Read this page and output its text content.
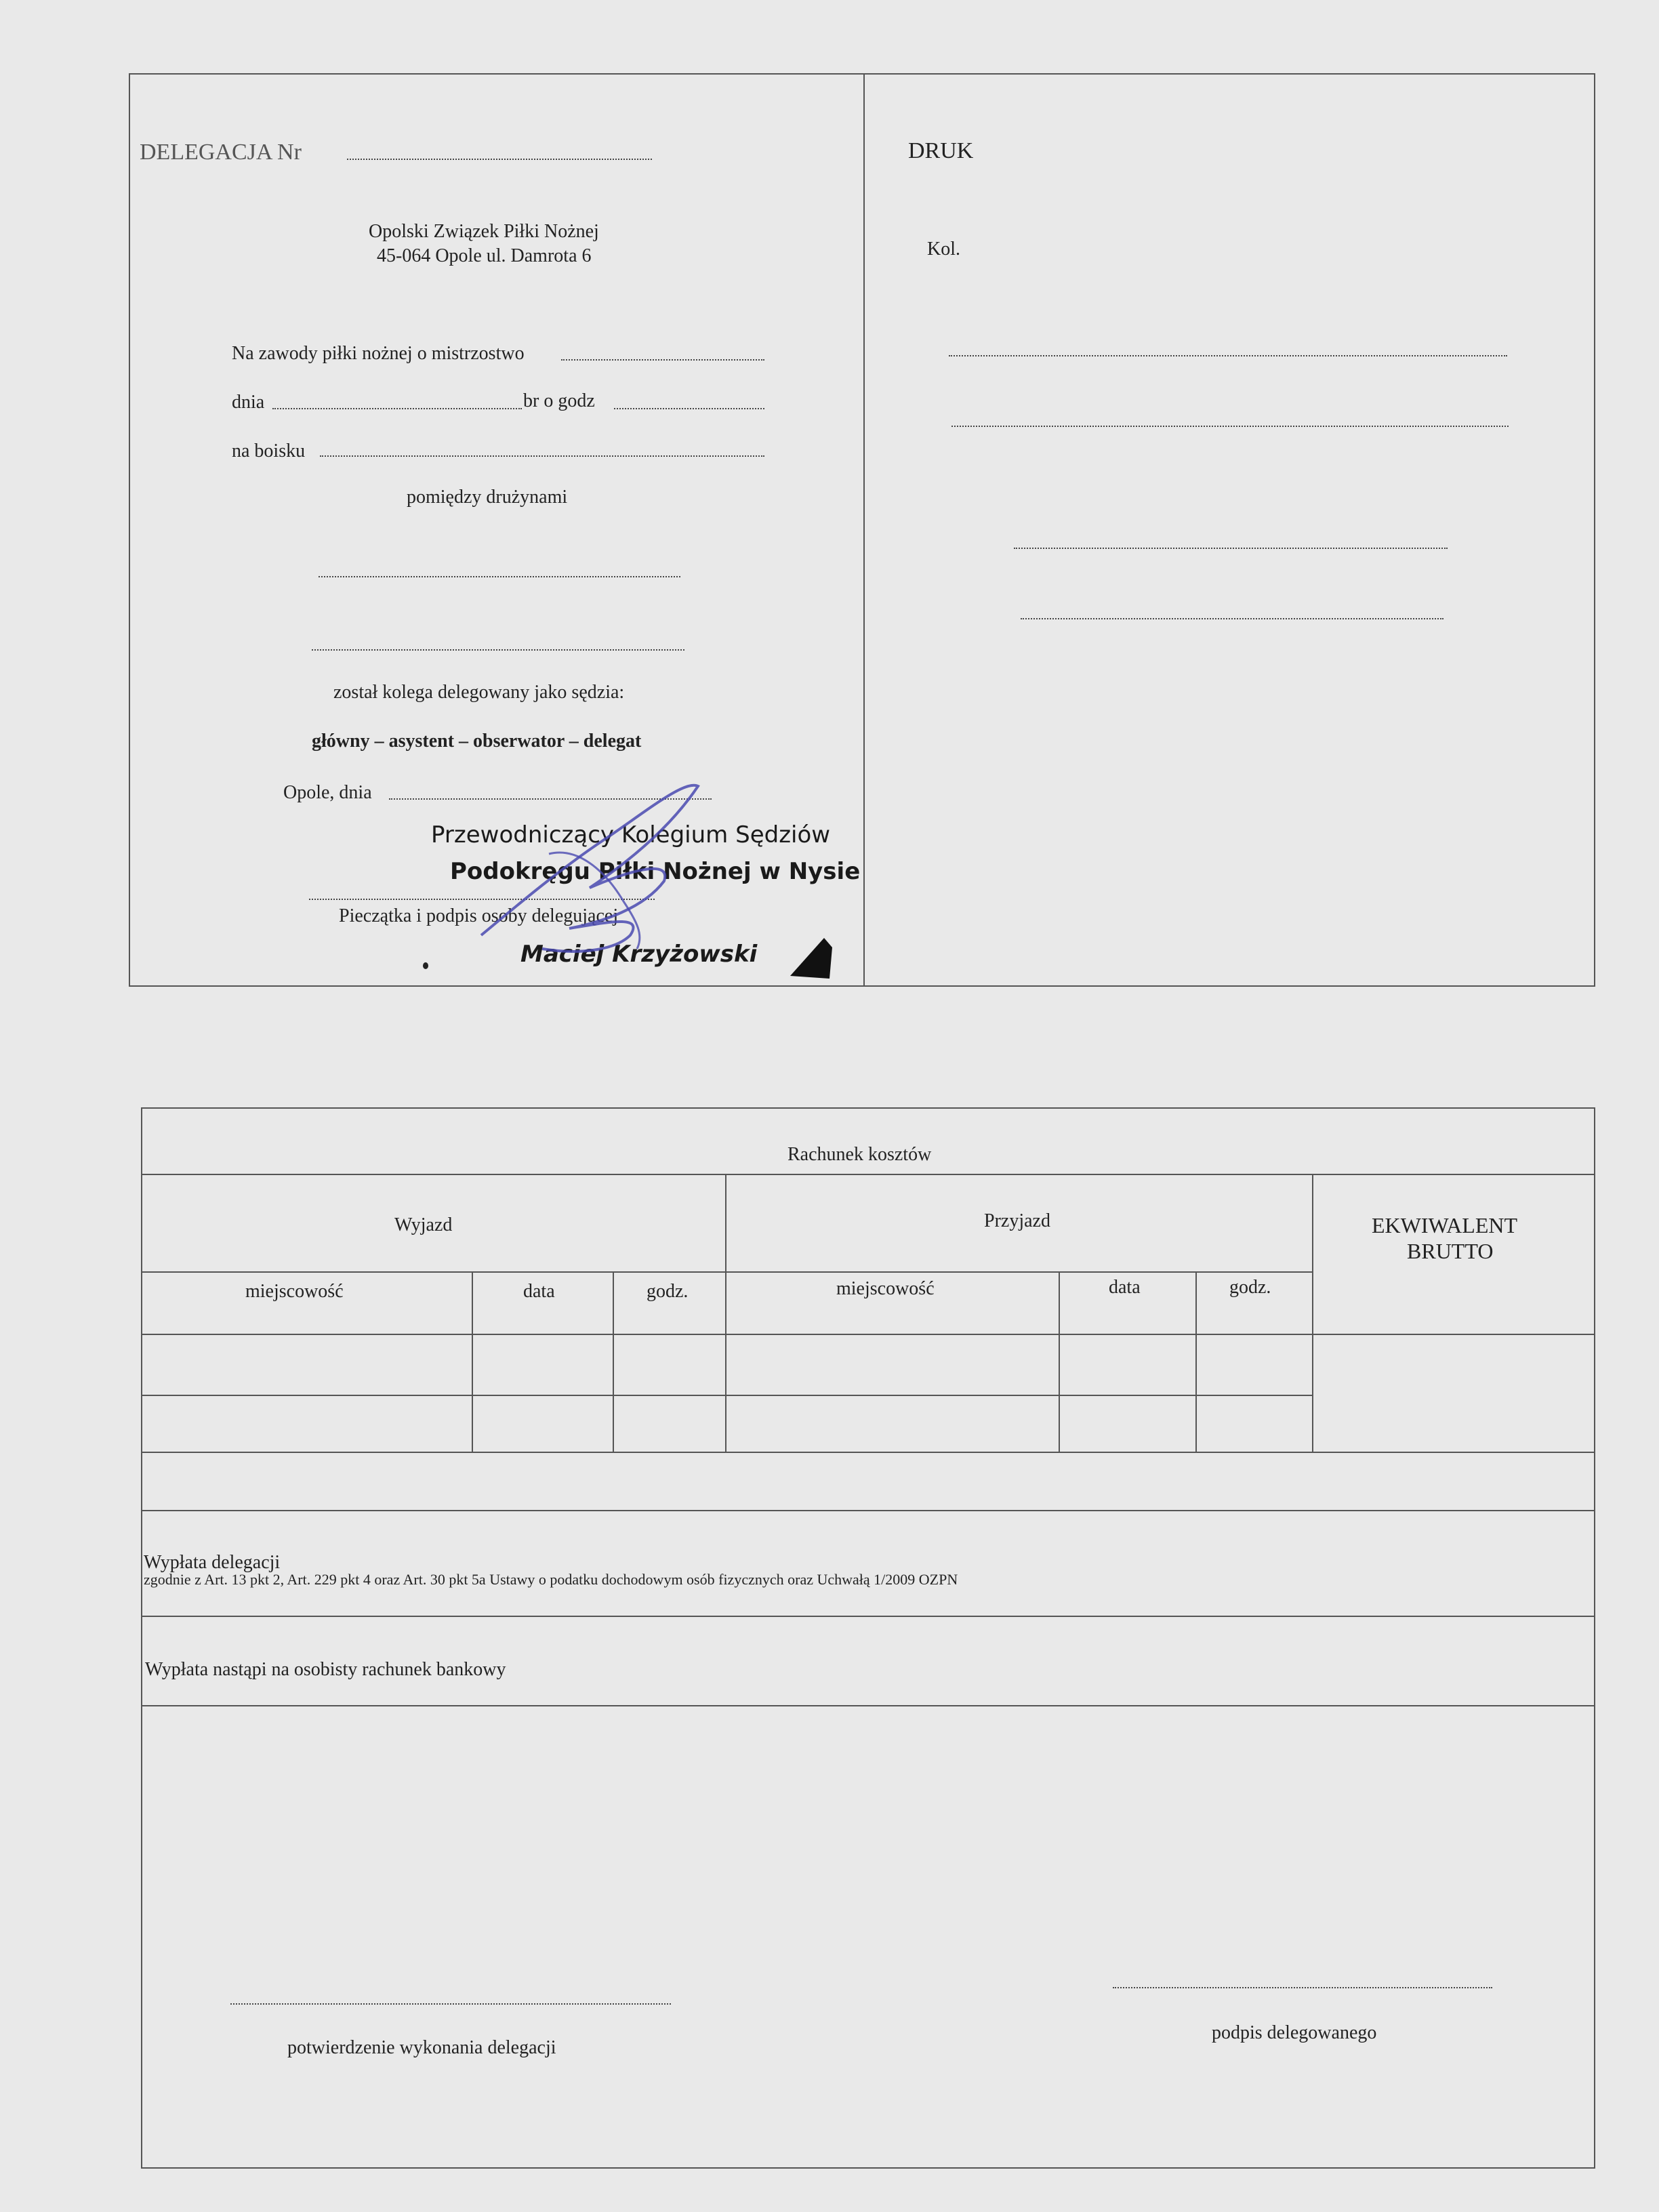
DELEGACJA Nr
Opolski Związek Piłki Nożnej
45-064 Opole ul. Damrota 6
Na zawody piłki nożnej o mistrzostwo
dnia	br o godz
na boisku
pomiędzy drużynami
został kolega delegowany jako sędzia:
główny – asystent – obserwator – delegat
Opole, dnia
Przewodniczący Kolegium Sędziów
Podokręgu Piłki Nożnej w Nysie
Pieczątka i podpis osoby delegującej
Maciej Krzyżowski
DRUK
Kol.
Rachunek kosztów
Wyjazd	Przyjazd	EKWIWALENT
BRUTTO
miejscowość	data	godz.	miejscowość	data	godz.
Wypłata delegacji
zgodnie z Art. 13 pkt 2, Art. 229 pkt 4 oraz Art. 30 pkt 5a Ustawy o podatku dochodowym osób fizycznych oraz Uchwałą 1/2009 OZPN
Wypłata nastąpi na osobisty rachunek bankowy
potwierdzenie wykonania delegacji
podpis delegowanego
